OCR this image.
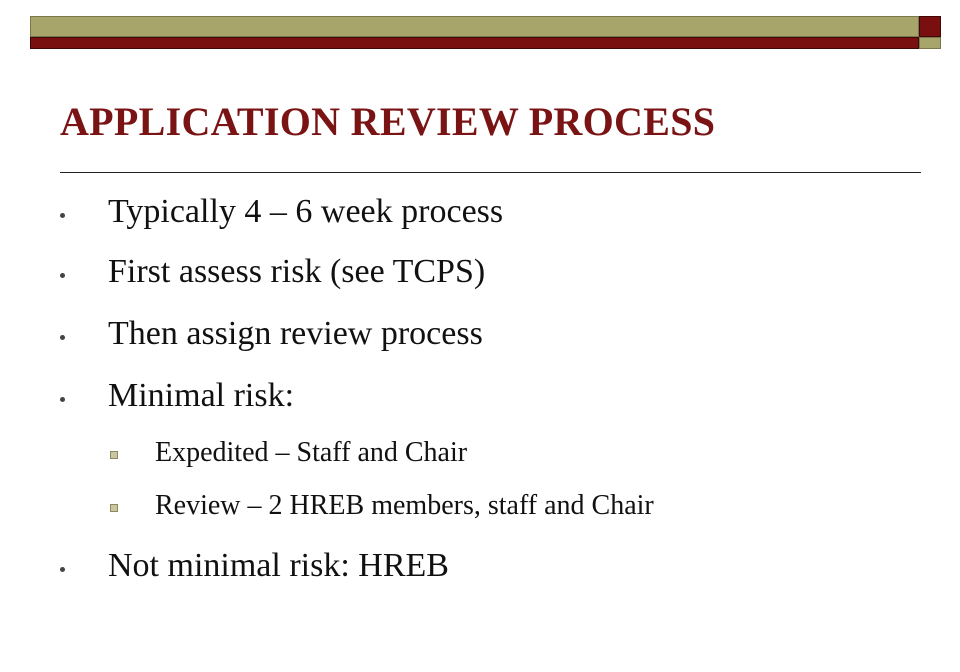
APPLICATION REVIEW PROCESS
Typically 4 – 6 week process
First assess risk (see TCPS)
Then assign review process
Minimal risk:
Expedited – Staff and Chair
Review – 2 HREB members, staff and Chair
Not minimal risk: HREB
